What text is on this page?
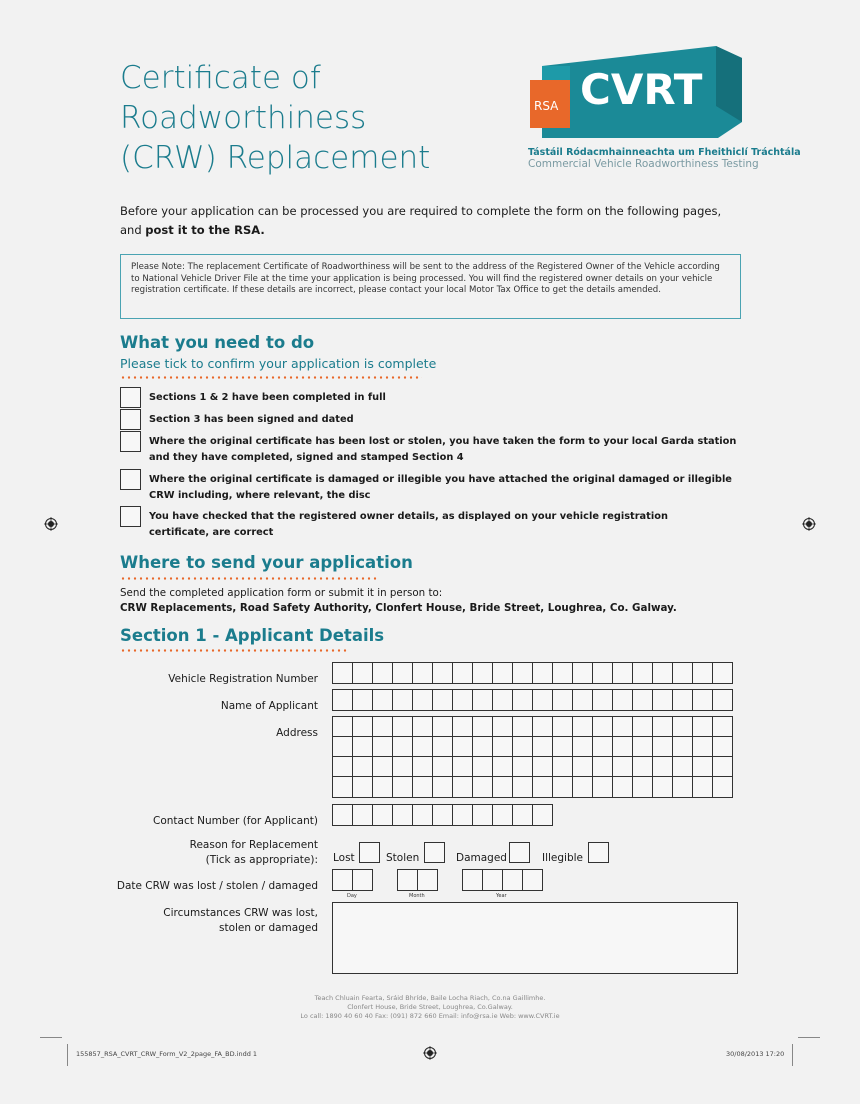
Certificate of
Roadworthiness
(CRW) Replacement
CVRT
RSA
Tástáil Ródacmhainneachta um Fheithiclí Tráchtála
Commercial Vehicle Roadworthiness Testing
Before your application can be processed you are required to complete the form on the following pages,
and post it to the RSA.
Please Note: The replacement Certificate of Roadworthiness will be sent to the address of the Registered Owner of the Vehicle according to National Vehicle Driver File at the time your application is being processed. You will find the registered owner details on your vehicle registration certificate. If these details are incorrect, please contact your local Motor Tax Office to get the details amended.
What you need to do
Please tick to confirm your application is complete
Sections 1 & 2 have been completed in full
Section 3 has been signed and dated
Where the original certificate has been lost or stolen, you have taken the form to your local Garda station and they have completed, signed and stamped Section 4
Where the original certificate is damaged or illegible you have attached the original damaged or illegible CRW including, where relevant, the disc
You have checked that the registered owner details, as displayed on your vehicle registration certificate, are correct
Where to send your application
Send the completed application form or submit it in person to:
CRW Replacements, Road Safety Authority, Clonfert House, Bride Street, Loughrea, Co. Galway.
Section 1 - Applicant Details
Vehicle Registration Number
Name of Applicant
Address
Contact Number (for Applicant)
Reason for Replacement
(Tick as appropriate): Lost	Stolen	Damaged	Illegible
Date CRW was lost / stolen / damaged
Day	Month	Year
Circumstances CRW was lost,
stolen or damaged
Teach Chluain Fearta, Sráid Bhríde, Baile Locha Riach, Co.na Gaillimhe.
Clonfert House, Bride Street, Loughrea, Co.Galway.
Lo call: 1890 40 60 40 Fax: (091) 872 660 Email: info@rsa.ie Web: www.CVRT.ie
155857_RSA_CVRT_CRW_Form_V2_2page_FA_BD.indd 1	30/08/2013 17:20
